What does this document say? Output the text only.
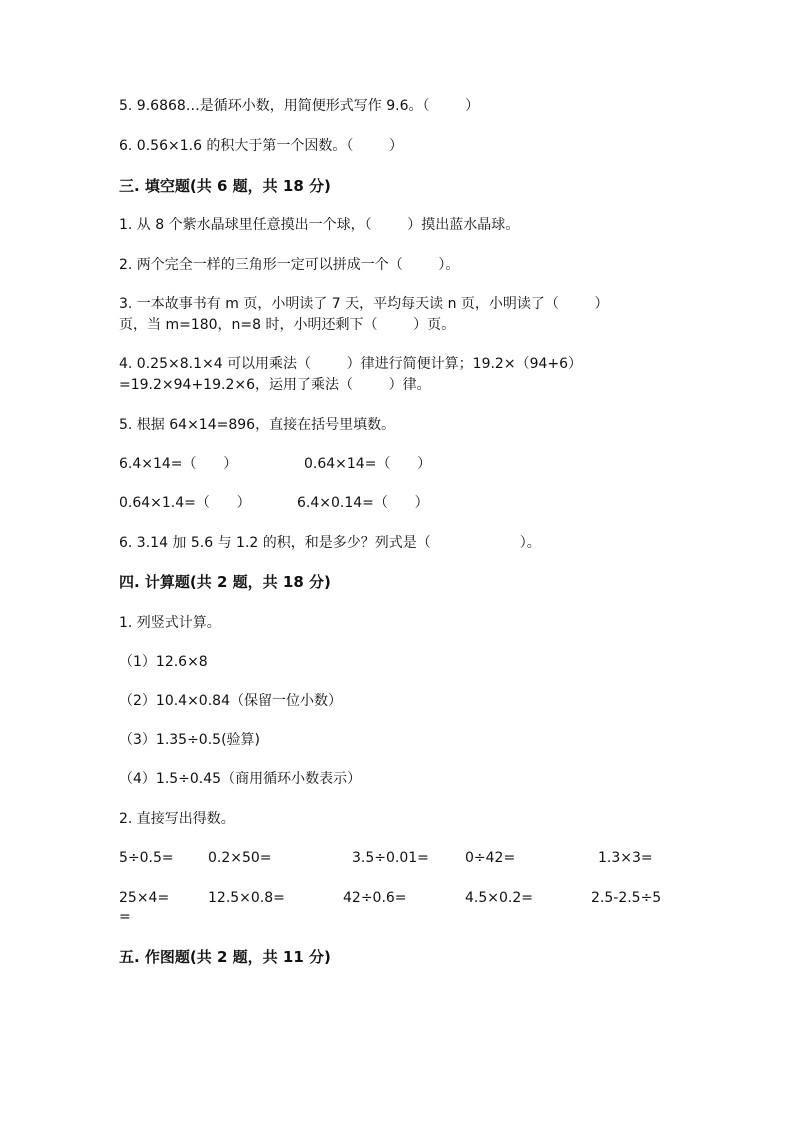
5. 9.6868…是循环小数，用简便形式写作 9.6。（        ）
6. 0.56×1.6 的积大于第一个因数。（        ）
三. 填空题(共 6 题，共 18 分)
1. 从 8 个紫水晶球里任意摸出一个球，（        ）摸出蓝水晶球。
2. 两个完全一样的三角形一定可以拼成一个（        ）。
3. 一本故事书有 m 页，小明读了 7 天，平均每天读 n 页，小明读了（        ）
页，当 m=180，n=8 时，小明还剩下（        ）页。
4. 0.25×8.1×4 可以用乘法（        ）律进行简便计算；19.2×（94+6）
=19.2×94+19.2×6，运用了乘法（        ）律。
5. 根据 64×14=896，直接在括号里填数。
6.4×14=（      ）	0.64×14=（      ）
0.64×1.4=（      ）	6.4×0.14=（      ）
6. 3.14 加 5.6 与 1.2 的积，和是多少？列式是（                    ）。
四. 计算题(共 2 题，共 18 分)
1. 列竖式计算。
（1）12.6×8
（2）10.4×0.84（保留一位小数）
（3）1.35÷0.5(验算)
（4）1.5÷0.45（商用循环小数表示）
2. 直接写出得数。
5÷0.5= 0.2×50=	3.5÷0.01=	0÷42=	1.3×3=
25×4=	12.5×0.8=	42÷0.6=	4.5×0.2=	2.5-2.5÷5
=
五. 作图题(共 2 题，共 11 分)
